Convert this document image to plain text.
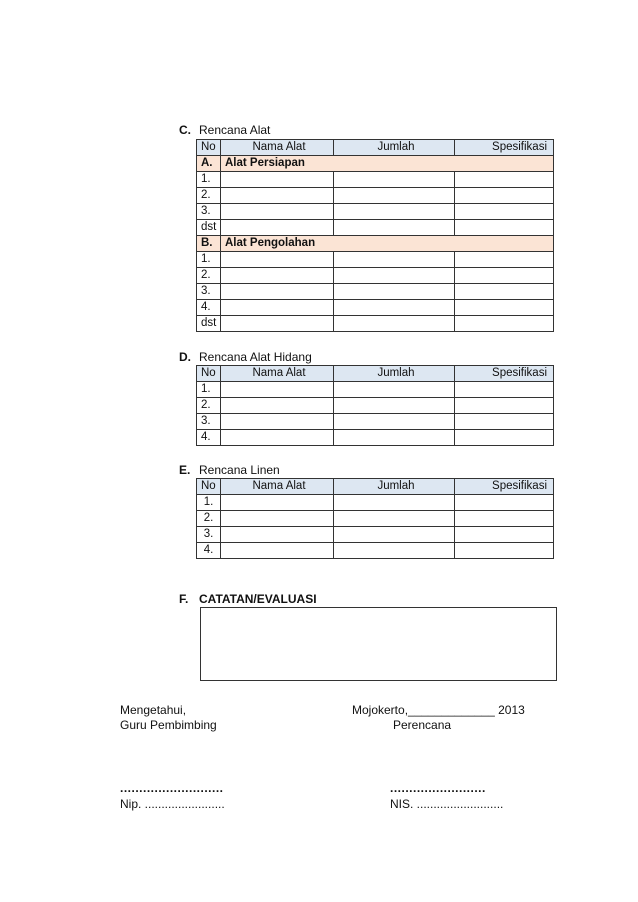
C. Rencana Alat
No	Nama Alat	Jumlah	Spesifikasi
A.	Alat Persiapan		
1.			
2.			
3.			
dst			
B.	Alat Pengolahan		
1.			
2.			
3.			
4.			
dst			
D. Rencana Alat Hidang
No	Nama Alat	Jumlah	Spesifikasi
1.			
2.			
3.			
4.			
E. Rencana Linen
No	Nama Alat	Jumlah	Spesifikasi
1.			
2.			
3.			
4.			
F. CATATAN/EVALUASI
Mengetahui,
Guru Pembimbing
Mojokerto,_____________ 2013
Perencana
...........................	.........................
Nip. ........................	NIS. ..........................
